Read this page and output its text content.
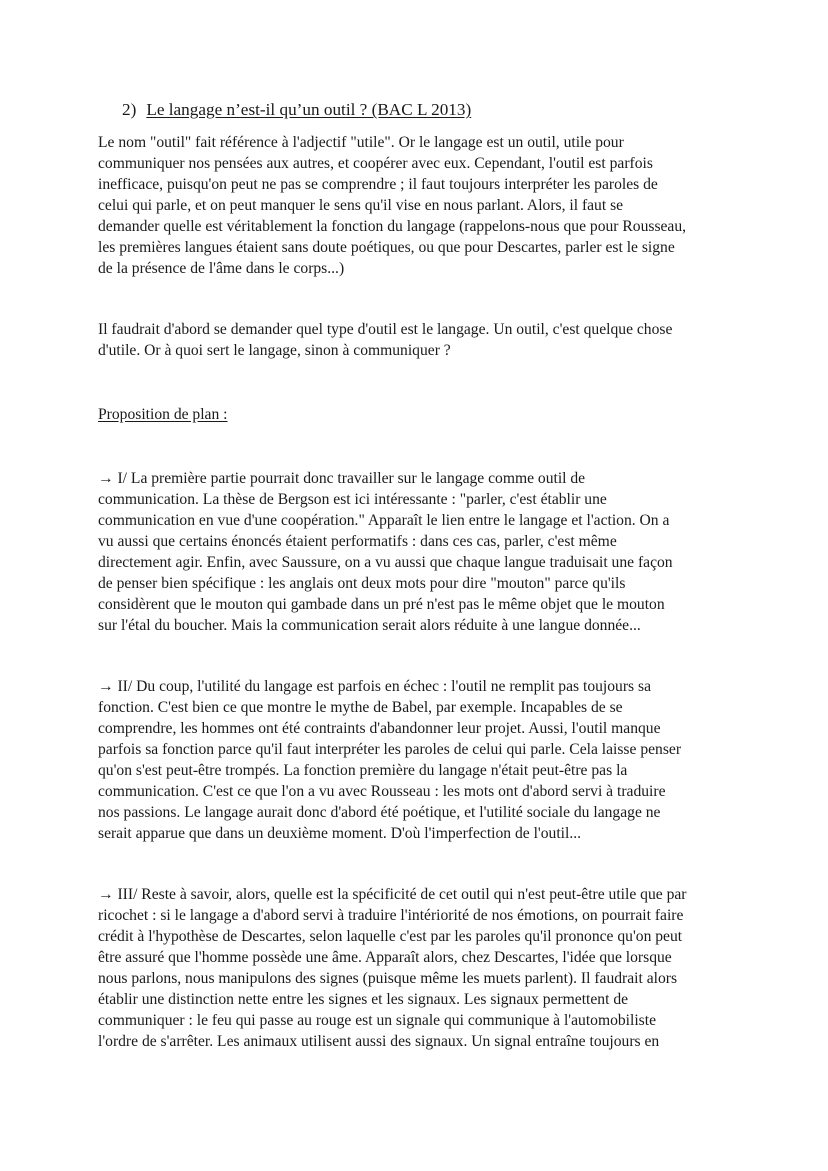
2) Le langage n’est-il qu’un outil ? (BAC L 2013)
Le nom "outil" fait référence à l'adjectif "utile". Or le langage est un outil, utile pour
communiquer nos pensées aux autres, et coopérer avec eux. Cependant, l'outil est parfois
inefficace, puisqu'on peut ne pas se comprendre ; il faut toujours interpréter les paroles de
celui qui parle, et on peut manquer le sens qu'il vise en nous parlant. Alors, il faut se
demander quelle est véritablement la fonction du langage (rappelons-nous que pour Rousseau,
les premières langues étaient sans doute poétiques, ou que pour Descartes, parler est le signe
de la présence de l'âme dans le corps...)
Il faudrait d'abord se demander quel type d'outil est le langage. Un outil, c'est quelque chose
d'utile. Or à quoi sert le langage, sinon à communiquer ?
Proposition de plan :
→ I/ La première partie pourrait donc travailler sur le langage comme outil de
communication. La thèse de Bergson est ici intéressante : "parler, c'est établir une
communication en vue d'une coopération." Apparaît le lien entre le langage et l'action. On a
vu aussi que certains énoncés étaient performatifs : dans ces cas, parler, c'est même
directement agir. Enfin, avec Saussure, on a vu aussi que chaque langue traduisait une façon
de penser bien spécifique : les anglais ont deux mots pour dire "mouton" parce qu'ils
considèrent que le mouton qui gambade dans un pré n'est pas le même objet que le mouton
sur l'étal du boucher. Mais la communication serait alors réduite à une langue donnée...
→ II/ Du coup, l'utilité du langage est parfois en échec : l'outil ne remplit pas toujours sa
fonction. C'est bien ce que montre le mythe de Babel, par exemple. Incapables de se
comprendre, les hommes ont été contraints d'abandonner leur projet. Aussi, l'outil manque
parfois sa fonction parce qu'il faut interpréter les paroles de celui qui parle. Cela laisse penser
qu'on s'est peut-être trompés. La fonction première du langage n'était peut-être pas la
communication. C'est ce que l'on a vu avec Rousseau : les mots ont d'abord servi à traduire
nos passions. Le langage aurait donc d'abord été poétique, et l'utilité sociale du langage ne
serait apparue que dans un deuxième moment. D'où l'imperfection de l'outil...
→ III/ Reste à savoir, alors, quelle est la spécificité de cet outil qui n'est peut-être utile que par
ricochet : si le langage a d'abord servi à traduire l'intériorité de nos émotions, on pourrait faire
crédit à l'hypothèse de Descartes, selon laquelle c'est par les paroles qu'il prononce qu'on peut
être assuré que l'homme possède une âme. Apparaît alors, chez Descartes, l'idée que lorsque
nous parlons, nous manipulons des signes (puisque même les muets parlent). Il faudrait alors
établir une distinction nette entre les signes et les signaux. Les signaux permettent de
communiquer : le feu qui passe au rouge est un signale qui communique à l'automobiliste
l'ordre de s'arrêter. Les animaux utilisent aussi des signaux. Un signal entraîne toujours en
